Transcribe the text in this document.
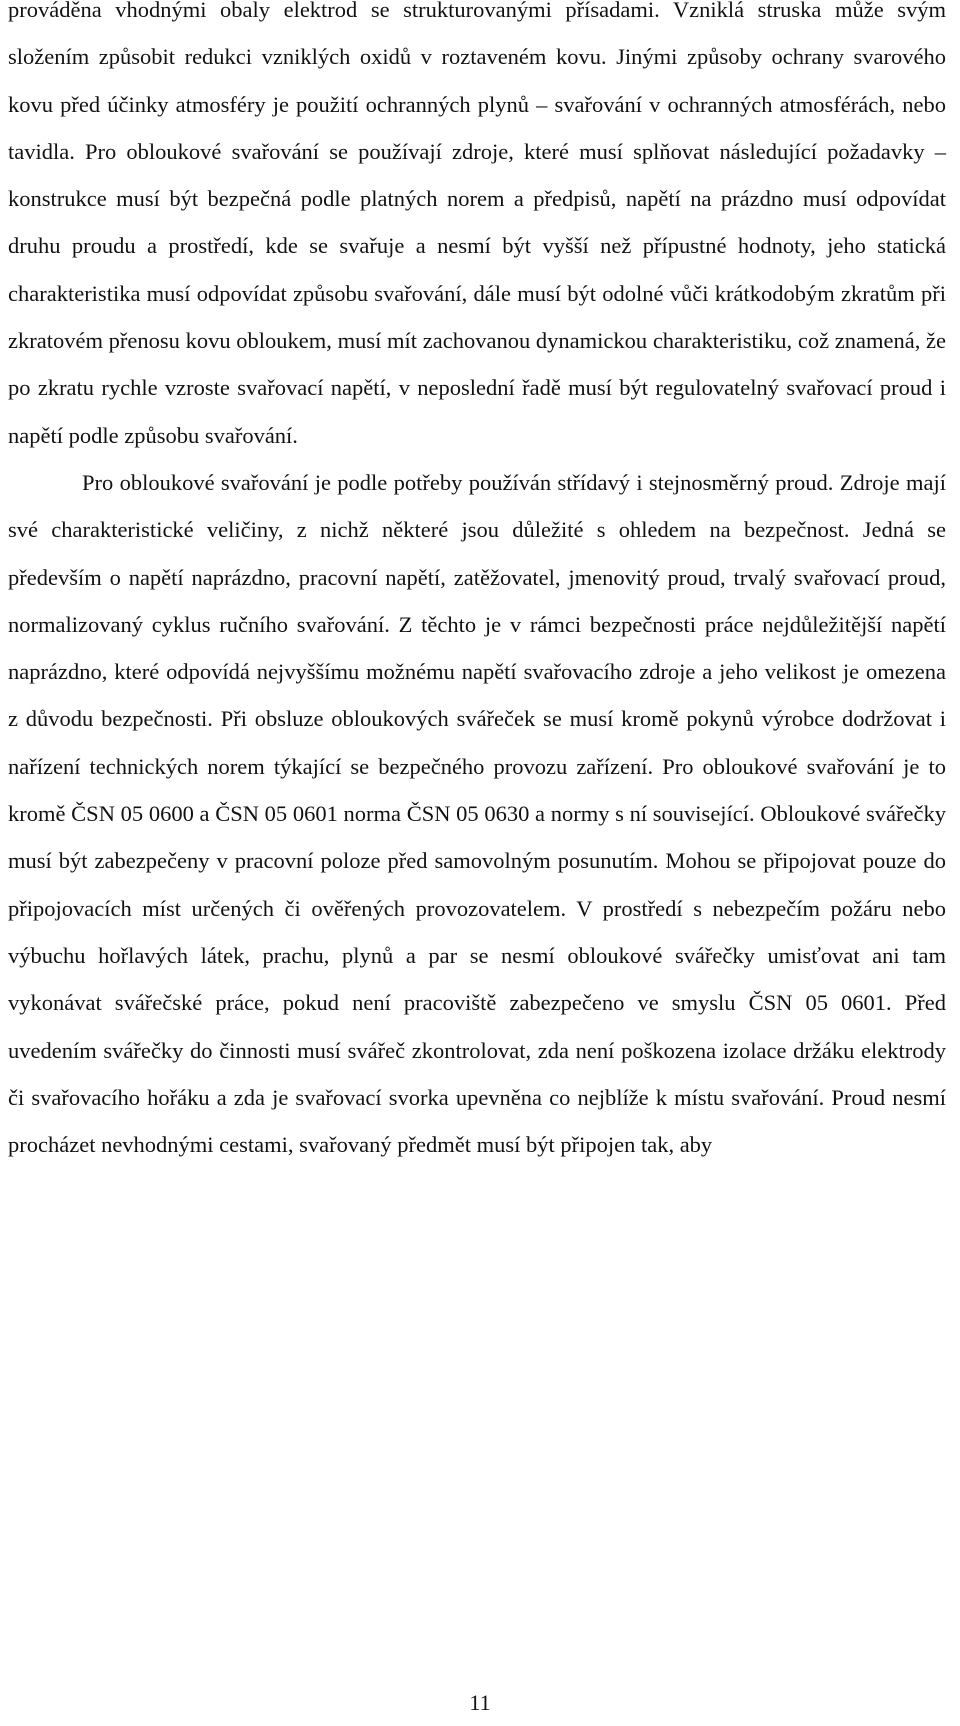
prováděna vhodnými obaly elektrod se strukturovanými přísadami. Vzniklá struska může svým složením způsobit redukci vzniklých oxidů v roztaveném kovu. Jinými způsoby ochrany svarového kovu před účinky atmosféry je použití ochranných plynů – svařování v ochranných atmosférách, nebo tavidla. Pro obloukové svařování se používají zdroje, které musí splňovat následující požadavky – konstrukce musí být bezpečná podle platných norem a předpisů, napětí na prázdno musí odpovídat druhu proudu a prostředí, kde se svařuje a nesmí být vyšší než přípustné hodnoty, jeho statická charakteristika musí odpovídat způsobu svařování, dále musí být odolné vůči krátkodobým zkratům při zkratovém přenosu kovu obloukem, musí mít zachovanou dynamickou charakteristiku, což znamená, že po zkratu rychle vzroste svařovací napětí, v neposlední řadě musí být regulovatelný svařovací proud i napětí podle způsobu svařování.

Pro obloukové svařování je podle potřeby používán střídavý i stejnosměrný proud. Zdroje mají své charakteristické veličiny, z nichž některé jsou důležité s ohledem na bezpečnost. Jedná se především o napětí naprázdno, pracovní napětí, zatěžovatel, jmenovitý proud, trvalý svařovací proud, normalizovaný cyklus ručního svařování. Z těchto je v rámci bezpečnosti práce nejdůležitější napětí naprázdno, které odpovídá nejvyššímu možnému napětí svařovacího zdroje a jeho velikost je omezena z důvodu bezpečnosti. Při obsluze obloukových svářeček se musí kromě pokynů výrobce dodržovat i nařízení technických norem týkající se bezpečného provozu zařízení. Pro obloukové svařování je to kromě ČSN 05 0600 a ČSN 05 0601 norma ČSN 05 0630 a normy s ní související. Obloukové svářečky musí být zabezpečeny v pracovní poloze před samovolným posunutím. Mohou se připojovat pouze do připojovacích míst určených či ověřených provozovatelem. V prostředí s nebezpečím požáru nebo výbuchu hořlavých látek, prachu, plynů a par se nesmí obloukové svářečky umisťovat ani tam vykonávat svářečské práce, pokud není pracoviště zabezpečeno ve smyslu ČSN 05 0601. Před uvedením svářečky do činnosti musí svářeč zkontrolovat, zda není poškozena izolace držáku elektrody či svařovacího hořáku a zda je svařovací svorka upevněna co nejblíže k místu svařování. Proud nesmí procházet nevhodnými cestami, svařovaný předmět musí být připojen tak, aby

11
